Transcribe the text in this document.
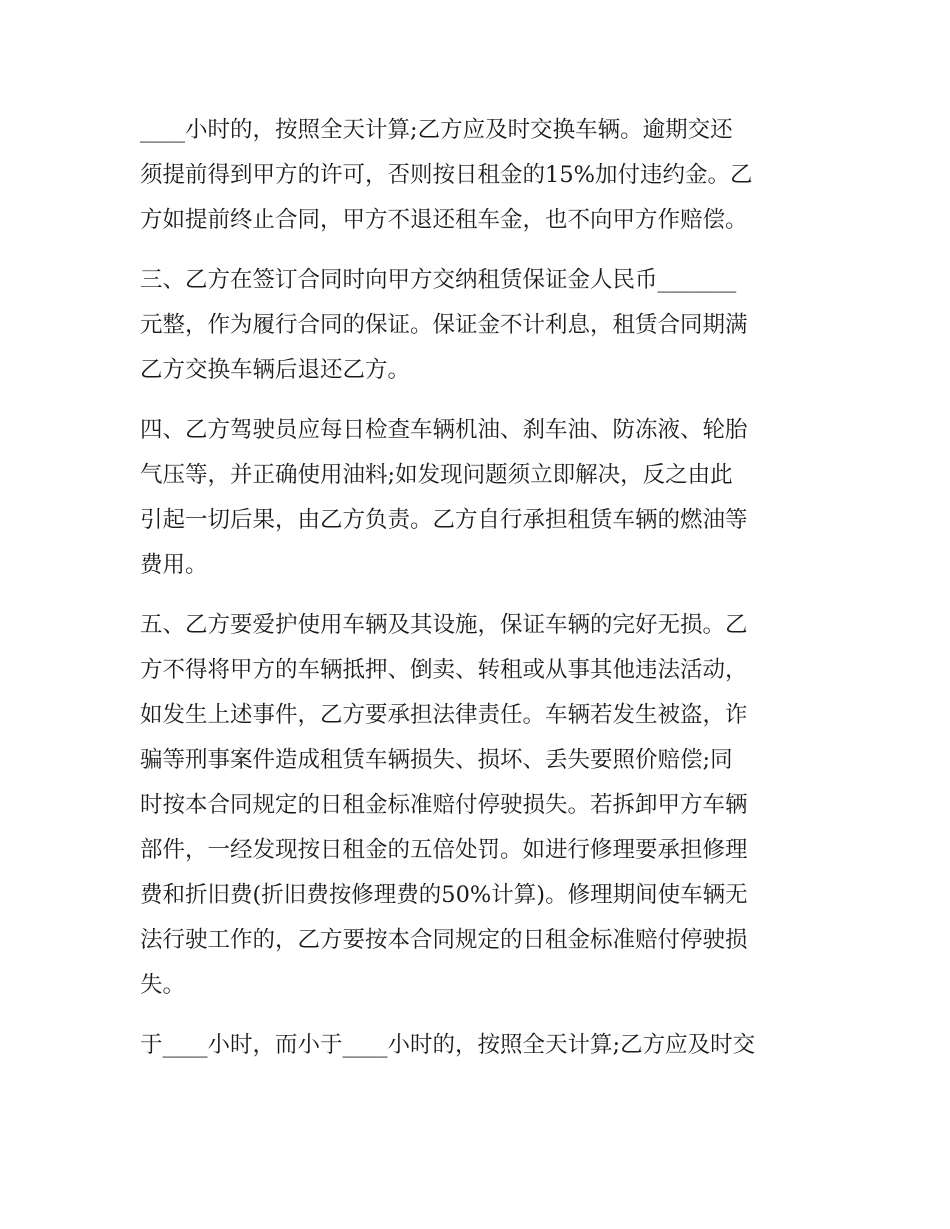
____小时的，按照全天计算;乙方应及时交换车辆。逾期交还
须提前得到甲方的许可，否则按日租金的15%加付违约金。乙
方如提前终止合同，甲方不退还租车金，也不向甲方作赔偿。
三、乙方在签订合同时向甲方交纳租赁保证金人民币_______
元整，作为履行合同的保证。保证金不计利息，租赁合同期满
乙方交换车辆后退还乙方。
四、乙方驾驶员应每日检查车辆机油、刹车油、防冻液、轮胎
气压等，并正确使用油料;如发现问题须立即解决，反之由此
引起一切后果，由乙方负责。乙方自行承担租赁车辆的燃油等
费用。
五、乙方要爱护使用车辆及其设施，保证车辆的完好无损。乙
方不得将甲方的车辆抵押、倒卖、转租或从事其他违法活动，
如发生上述事件，乙方要承担法律责任。车辆若发生被盗，诈
骗等刑事案件造成租赁车辆损失、损坏、丢失要照价赔偿;同
时按本合同规定的日租金标准赔付停驶损失。若拆卸甲方车辆
部件，一经发现按日租金的五倍处罚。如进行修理要承担修理
费和折旧费(折旧费按修理费的50%计算)。修理期间使车辆无
法行驶工作的，乙方要按本合同规定的日租金标准赔付停驶损
失。
于____小时，而小于____小时的，按照全天计算;乙方应及时交
